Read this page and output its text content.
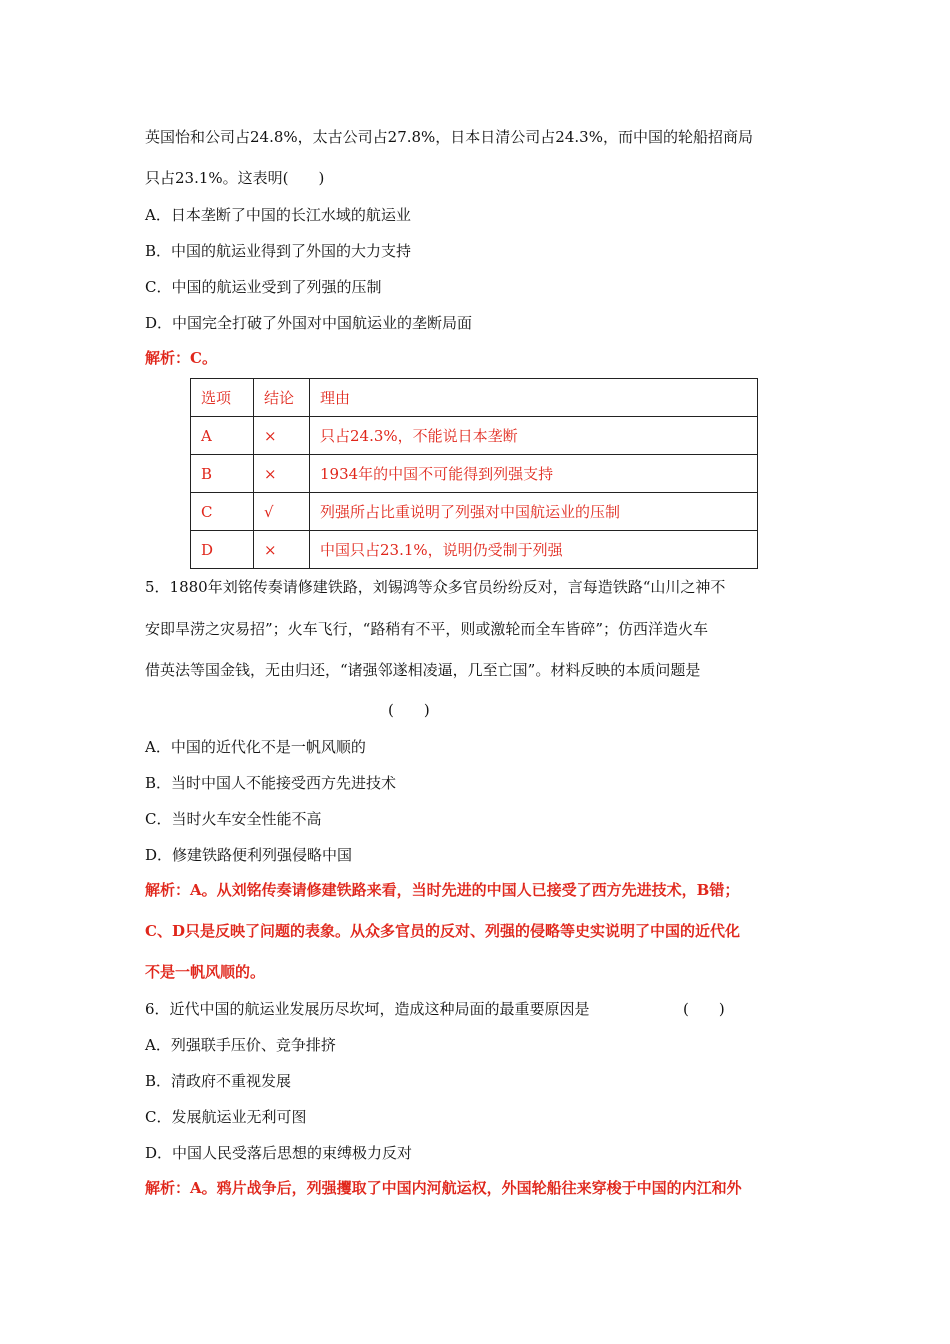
英国怡和公司占24.8%，太古公司占27.8%，日本日清公司占24.3%，而中国的轮船招商局
只占23.1%。这表明(　　)
A．日本垄断了中国的长江水域的航运业
B．中国的航运业得到了外国的大力支持
C．中国的航运业受到了列强的压制
D．中国完全打破了外国对中国航运业的垄断局面
解析：C。
选项	结论	理由
A	×	只占24.3%，不能说日本垄断
B	×	1934年的中国不可能得到列强支持
C	√	列强所占比重说明了列强对中国航运业的压制
D	×	中国只占23.1%，说明仍受制于列强
5．1880年刘铭传奏请修建铁路，刘锡鸿等众多官员纷纷反对，言每造铁路“山川之神不
安即旱涝之灾易招”；火车飞行，“路稍有不平，则或激轮而全车皆碎”；仿西洋造火车
借英法等国金钱，无由归还，“诸强邻遂相凌逼，几至亡国”。材料反映的本质问题是
(　　)
A．中国的近代化不是一帆风顺的
B．当时中国人不能接受西方先进技术
C．当时火车安全性能不高
D．修建铁路便利列强侵略中国
解析：A。从刘铭传奏请修建铁路来看，当时先进的中国人已接受了西方先进技术，B错；
C、D只是反映了问题的表象。从众多官员的反对、列强的侵略等史实说明了中国的近代化
不是一帆风顺的。
6．近代中国的航运业发展历尽坎坷，造成这种局面的最重要原因是	(　　)
A．列强联手压价、竞争排挤
B．清政府不重视发展
C．发展航运业无利可图
D．中国人民受落后思想的束缚极力反对
解析：A。鸦片战争后，列强攫取了中国内河航运权，外国轮船往来穿梭于中国的内江和外
